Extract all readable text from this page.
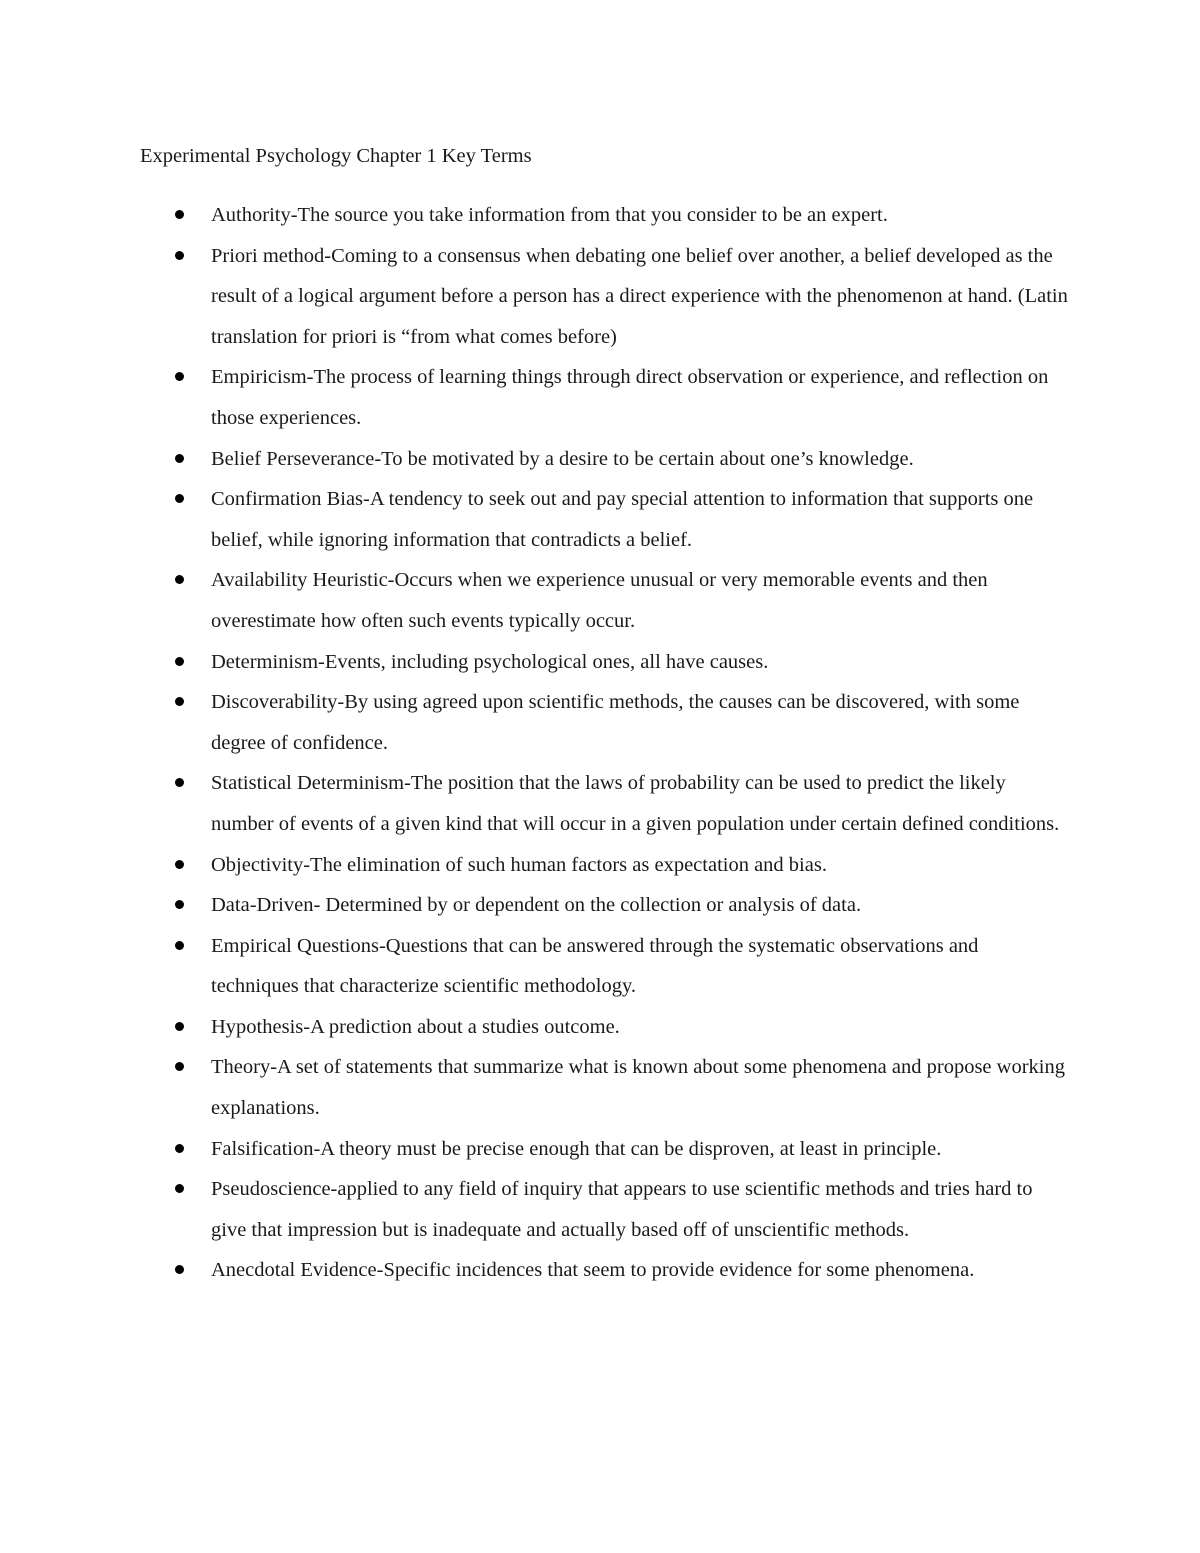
Experimental Psychology Chapter 1 Key Terms
Authority-The source you take information from that you consider to be an expert.
Priori method-Coming to a consensus when debating one belief over another, a belief developed as the result of a logical argument before a person has a direct experience with the phenomenon at hand. (Latin translation for priori is “from what comes before)
Empiricism-The process of learning things through direct observation or experience, and reflection on those experiences.
Belief Perseverance-To be motivated by a desire to be certain about one’s knowledge.
Confirmation Bias-A tendency to seek out and pay special attention to information that supports one belief, while ignoring information that contradicts a belief.
Availability Heuristic-Occurs when we experience unusual or very memorable events and then overestimate how often such events typically occur.
Determinism-Events, including psychological ones, all have causes.
Discoverability-By using agreed upon scientific methods, the causes can be discovered, with some degree of confidence.
Statistical Determinism-The position that the laws of probability can be used to predict the likely number of events of a given kind that will occur in a given population under certain defined conditions.
Objectivity-The elimination of such human factors as expectation and bias.
Data-Driven- Determined by or dependent on the collection or analysis of data.
Empirical Questions-Questions that can be answered through the systematic observations and techniques that characterize scientific methodology.
Hypothesis-A prediction about a studies outcome.
Theory-A set of statements that summarize what is known about some phenomena and propose working explanations.
Falsification-A theory must be precise enough that can be disproven, at least in principle.
Pseudoscience-applied to any field of inquiry that appears to use scientific methods and tries hard to give that impression but is inadequate and actually based off of unscientific methods.
Anecdotal Evidence-Specific incidences that seem to provide evidence for some phenomena.
